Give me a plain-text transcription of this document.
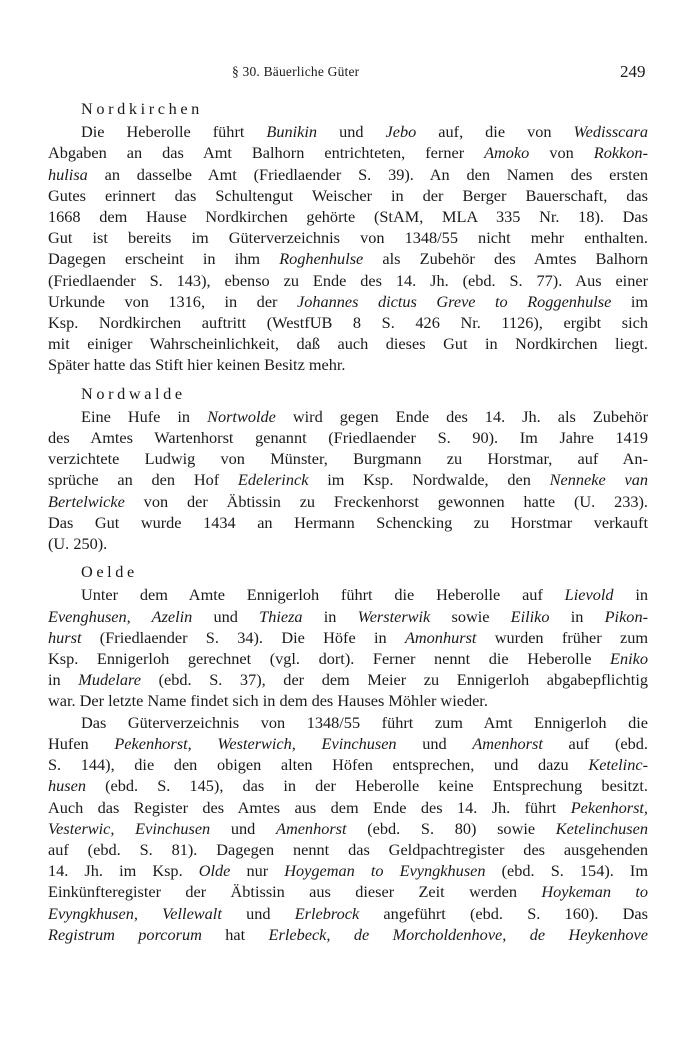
§ 30. Bäuerliche Güter	249
Nordkirchen
Die Heberolle führt Bunikin und Jebo auf, die von Wedisscara
Abgaben an das Amt Balhorn entrichteten, ferner Amoko von Rokkon-
hulisa an dasselbe Amt (Friedlaender S. 39). An den Namen des ersten
Gutes erinnert das Schultengut Weischer in der Berger Bauerschaft, das
1668 dem Hause Nordkirchen gehörte (StAM, MLA 335 Nr. 18). Das
Gut ist bereits im Güterverzeichnis von 1348/55 nicht mehr enthalten.
Dagegen erscheint in ihm Roghenhulse als Zubehör des Amtes Balhorn
(Friedlaender S. 143), ebenso zu Ende des 14. Jh. (ebd. S. 77). Aus einer
Urkunde von 1316, in der Johannes dictus Greve to Roggenhulse im
Ksp. Nordkirchen auftritt (WestfUB 8 S. 426 Nr. 1126), ergibt sich
mit einiger Wahrscheinlichkeit, daß auch dieses Gut in Nordkirchen liegt.
Später hatte das Stift hier keinen Besitz mehr.
Nordwalde
Eine Hufe in Nortwolde wird gegen Ende des 14. Jh. als Zubehör
des Amtes Wartenhorst genannt (Friedlaender S. 90). Im Jahre 1419
verzichtete Ludwig von Münster, Burgmann zu Horstmar, auf An-
sprüche an den Hof Edelerinck im Ksp. Nordwalde, den Nenneke van
Bertelwicke von der Äbtissin zu Freckenhorst gewonnen hatte (U. 233).
Das Gut wurde 1434 an Hermann Schencking zu Horstmar verkauft
(U. 250).
Oelde
Unter dem Amte Ennigerloh führt die Heberolle auf Lievold in
Evenghusen, Azelin und Thieza in Wersterwik sowie Eiliko in Pikon-
hurst (Friedlaender S. 34). Die Höfe in Amonhurst wurden früher zum
Ksp. Ennigerloh gerechnet (vgl. dort). Ferner nennt die Heberolle Eniko
in Mudelare (ebd. S. 37), der dem Meier zu Ennigerloh abgabepflichtig
war. Der letzte Name findet sich in dem des Hauses Möhler wieder.
Das Güterverzeichnis von 1348/55 führt zum Amt Ennigerloh die
Hufen Pekenhorst, Westerwich, Evinchusen und Amenhorst auf (ebd.
S. 144), die den obigen alten Höfen entsprechen, und dazu Ketelinc-
husen (ebd. S. 145), das in der Heberolle keine Entsprechung besitzt.
Auch das Register des Amtes aus dem Ende des 14. Jh. führt Pekenhorst,
Vesterwic, Evinchusen und Amenhorst (ebd. S. 80) sowie Ketelinchusen
auf (ebd. S. 81). Dagegen nennt das Geldpachtregister des ausgehenden
14. Jh. im Ksp. Olde nur Hoygeman to Evyngkhusen (ebd. S. 154). Im
Einkünfteregister der Äbtissin aus dieser Zeit werden Hoykeman to
Evyngkhusen, Vellewalt und Erlebrock angeführt (ebd. S. 160). Das
Registrum porcorum hat Erlebeck, de Morcholdenhove, de Heykenhove
